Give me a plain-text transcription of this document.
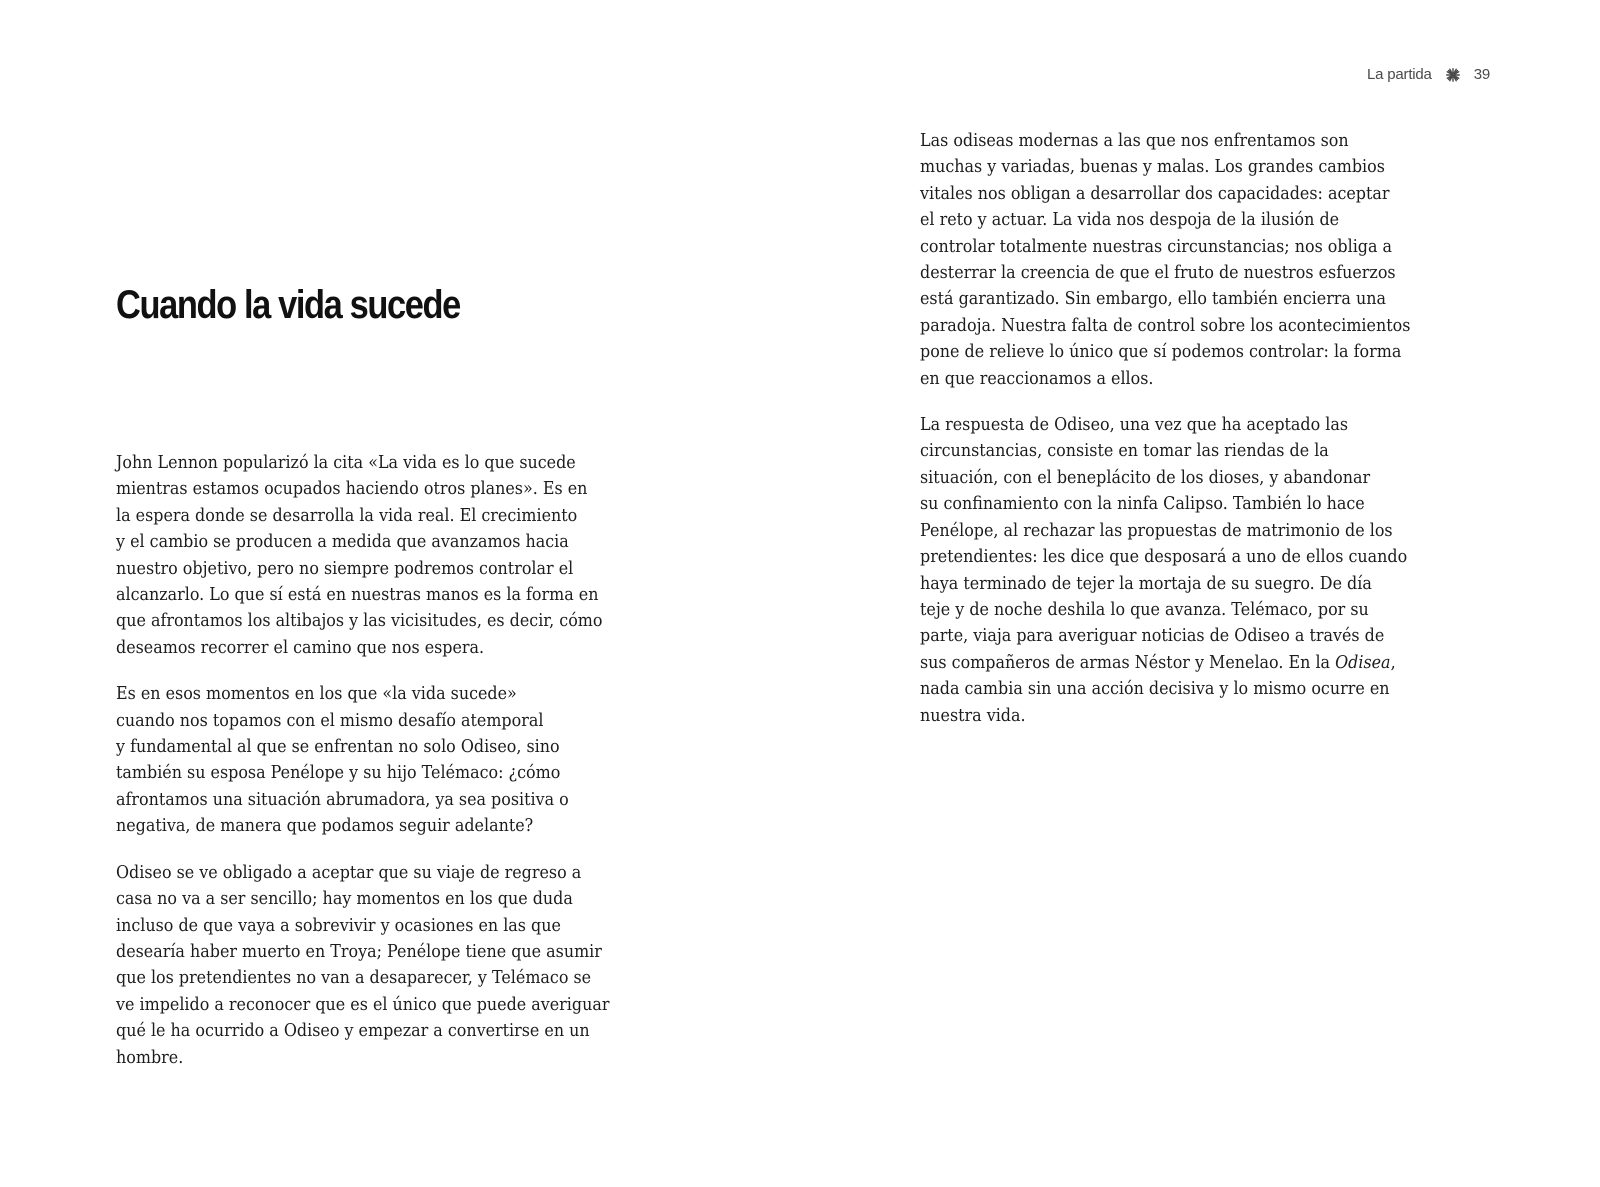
Cuando la vida sucede

John Lennon popularizó la cita «La vida es lo que sucede
mientras estamos ocupados haciendo otros planes». Es en
la espera donde se desarrolla la vida real. El crecimiento
y el cambio se producen a medida que avanzamos hacia
nuestro objetivo, pero no siempre podremos controlar el
alcanzarlo. Lo que sí está en nuestras manos es la forma en
que afrontamos los altibajos y las vicisitudes, es decir, cómo
deseamos recorrer el camino que nos espera.

Es en esos momentos en los que «la vida sucede»
cuando nos topamos con el mismo desafío atemporal
y fundamental al que se enfrentan no solo Odiseo, sino
también su esposa Penélope y su hijo Telémaco: ¿cómo
afrontamos una situación abrumadora, ya sea positiva o
negativa, de manera que podamos seguir adelante?

Odiseo se ve obligado a aceptar que su viaje de regreso a
casa no va a ser sencillo; hay momentos en los que duda
incluso de que vaya a sobrevivir y ocasiones en las que
desearía haber muerto en Troya; Penélope tiene que asumir
que los pretendientes no van a desaparecer, y Telémaco se
ve impelido a reconocer que es el único que puede averiguar
qué le ha ocurrido a Odiseo y empezar a convertirse en un
hombre.

La partida	39

Las odiseas modernas a las que nos enfrentamos son
muchas y variadas, buenas y malas. Los grandes cambios
vitales nos obligan a desarrollar dos capacidades: aceptar
el reto y actuar. La vida nos despoja de la ilusión de
controlar totalmente nuestras circunstancias; nos obliga a
desterrar la creencia de que el fruto de nuestros esfuerzos
está garantizado. Sin embargo, ello también encierra una
paradoja. Nuestra falta de control sobre los acontecimientos
pone de relieve lo único que sí podemos controlar: la forma
en que reaccionamos a ellos.

La respuesta de Odiseo, una vez que ha aceptado las
circunstancias, consiste en tomar las riendas de la
situación, con el beneplácito de los dioses, y abandonar
su confinamiento con la ninfa Calipso. También lo hace
Penélope, al rechazar las propuestas de matrimonio de los
pretendientes: les dice que desposará a uno de ellos cuando
haya terminado de tejer la mortaja de su suegro. De día
teje y de noche deshila lo que avanza. Telémaco, por su
parte, viaja para averiguar noticias de Odiseo a través de
sus compañeros de armas Néstor y Menelao. En la Odisea,
nada cambia sin una acción decisiva y lo mismo ocurre en
nuestra vida.
